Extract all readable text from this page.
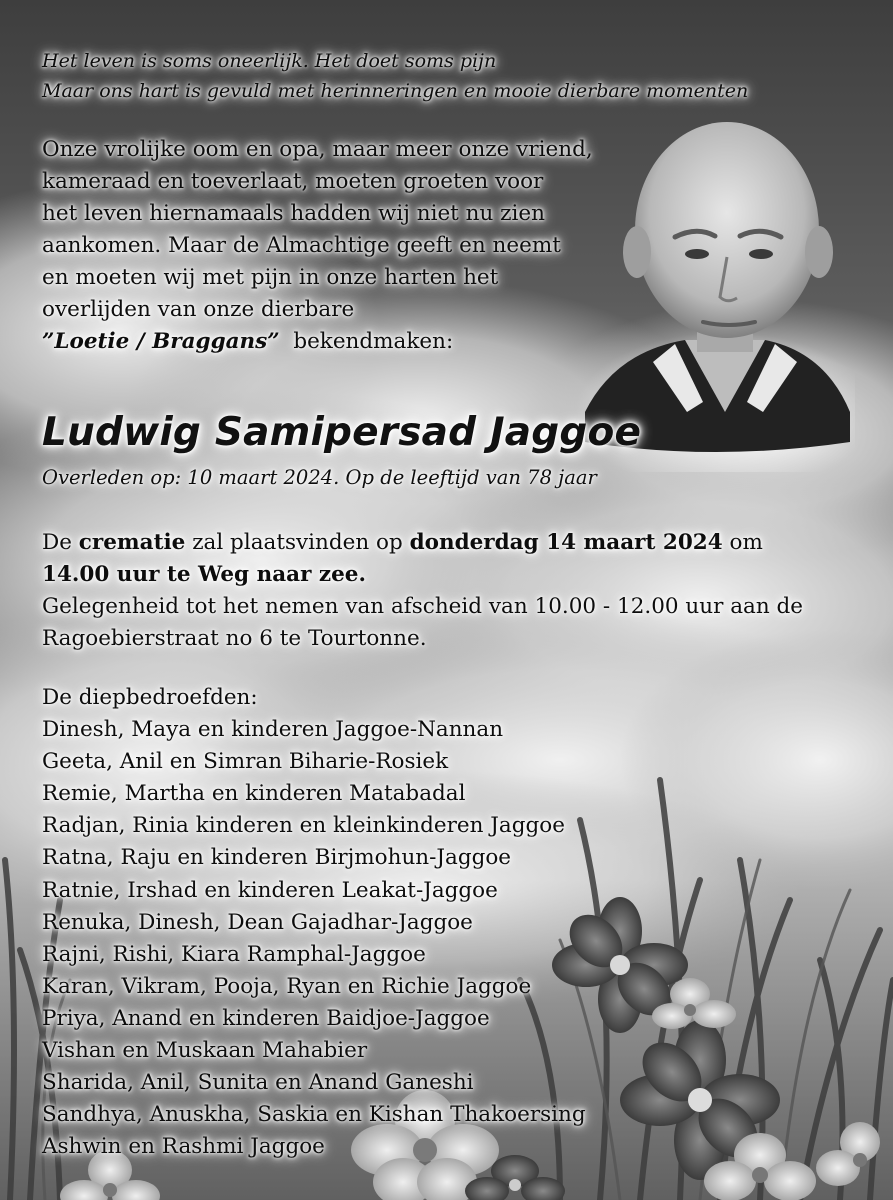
Het leven is soms oneerlijk. Het doet soms pijn
Maar ons hart is gevuld met herinneringen en mooie dierbare momenten
Onze vrolijke oom en opa, maar meer onze vriend,
kameraad en toeverlaat, moeten groeten voor
het leven hiernamaals hadden wij niet nu zien
aankomen. Maar de Almachtige geeft en neemt
en moeten wij met pijn in onze harten het
overlijden van onze dierbare
”Loetie / Braggans” bekendmaken:
Ludwig Samipersad Jaggoe
Overleden op: 10 maart 2024. Op de leeftijd van 78 jaar
De crematie zal plaatsvinden op donderdag 14 maart 2024 om
14.00 uur te Weg naar zee.
Gelegenheid tot het nemen van afscheid van 10.00 - 12.00 uur aan de
Ragoebierstraat no 6 te Tourtonne.
De diepbedroefden:
Dinesh, Maya en kinderen Jaggoe-Nannan
Geeta, Anil en Simran Biharie-Rosiek
Remie, Martha en kinderen Matabadal
Radjan, Rinia kinderen en kleinkinderen Jaggoe
Ratna, Raju en kinderen Birjmohun-Jaggoe
Ratnie, Irshad en kinderen Leakat-Jaggoe
Renuka, Dinesh, Dean Gajadhar-Jaggoe
Rajni, Rishi, Kiara Ramphal-Jaggoe
Karan, Vikram, Pooja, Ryan en Richie Jaggoe
Priya, Anand en kinderen Baidjoe-Jaggoe
Vishan en Muskaan Mahabier
Sharida, Anil, Sunita en Anand Ganeshi
Sandhya, Anuskha, Saskia en Kishan Thakoersing
Ashwin en Rashmi Jaggoe
